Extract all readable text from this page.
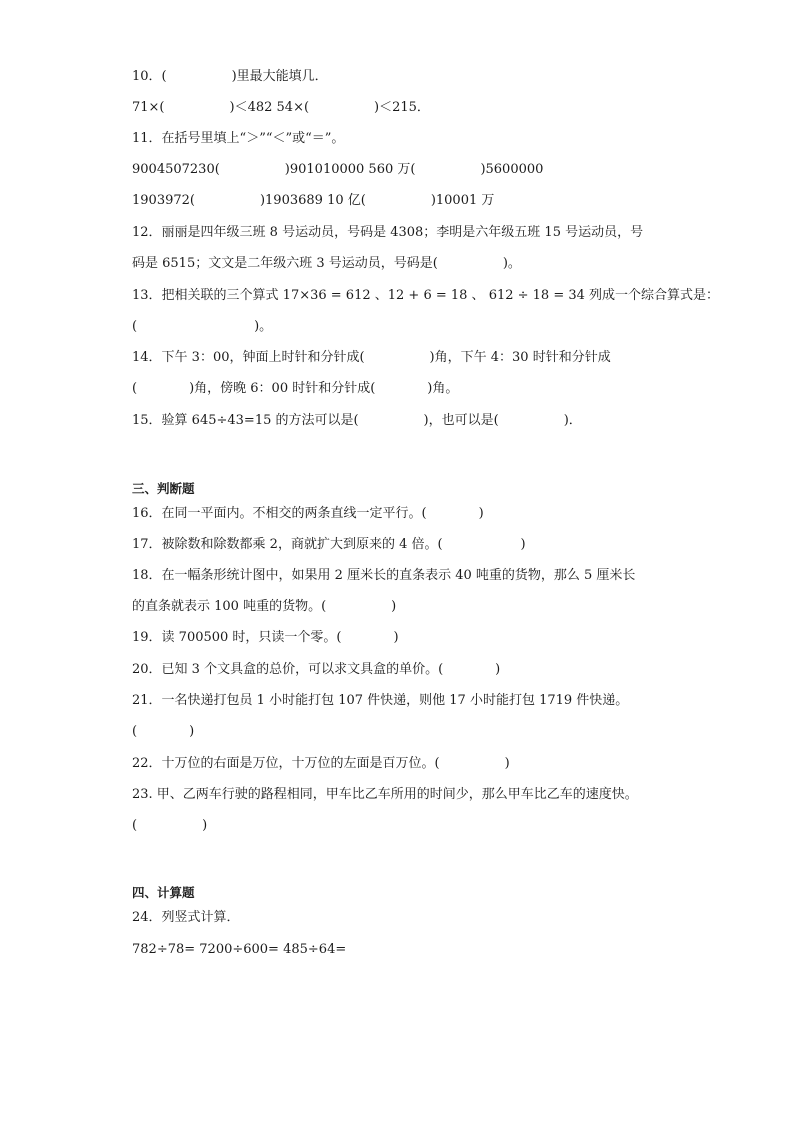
10．(　　　　　)里最大能填几．
71×(　　　　　)＜482 54×(　　　　　)＜215．
11．在括号里填上“＞”“＜”或“＝”。
9004507230(　　　　　)901010000 560 万(　　　　　)5600000
1903972(　　　　　)1903689 10 亿(　　　　　)10001 万
12．丽丽是四年级三班 8 号运动员，号码是 4308；李明是六年级五班 15 号运动员，号
码是 6515；文文是二年级六班 3 号运动员，号码是(　　　　　)。
13．把相关联的三个算式 17×36 = 612 、12 + 6 = 18 、 612 ÷ 18 = 34 列成一个综合算式是：
(　　　　　　　　　)。
14．下午 3：00，钟面上时针和分针成(　　　　　)角，下午 4：30 时针和分针成
(　　　　)角，傍晚 6：00 时针和分针成(　　　　)角。
15．验算 645÷43=15 的方法可以是(　　　　　)，也可以是(　　　　　)．
三、判断题
16．在同一平面内。不相交的两条直线一定平行。(　　　　)
17．被除数和除数都乘 2，商就扩大到原来的 4 倍。(　　　　　　)
18．在一幅条形统计图中，如果用 2 厘米长的直条表示 40 吨重的货物，那么 5 厘米长
的直条就表示 100 吨重的货物。(　　　　　)
19．读 700500 时，只读一个零。(　　　　)
20．已知 3 个文具盒的总价，可以求文具盒的单价。(　　　　)
21．一名快递打包员 1 小时能打包 107 件快递，则他 17 小时能打包 1719 件快递。
(　　　　)
22．十万位的右面是万位，十万位的左面是百万位。(　　　　　)
23. 甲、乙两车行驶的路程相同，甲车比乙车所用的时间少，那么甲车比乙车的速度快。
(　　　　　)
四、计算题
24．列竖式计算．
782÷78= 7200÷600= 485÷64=
